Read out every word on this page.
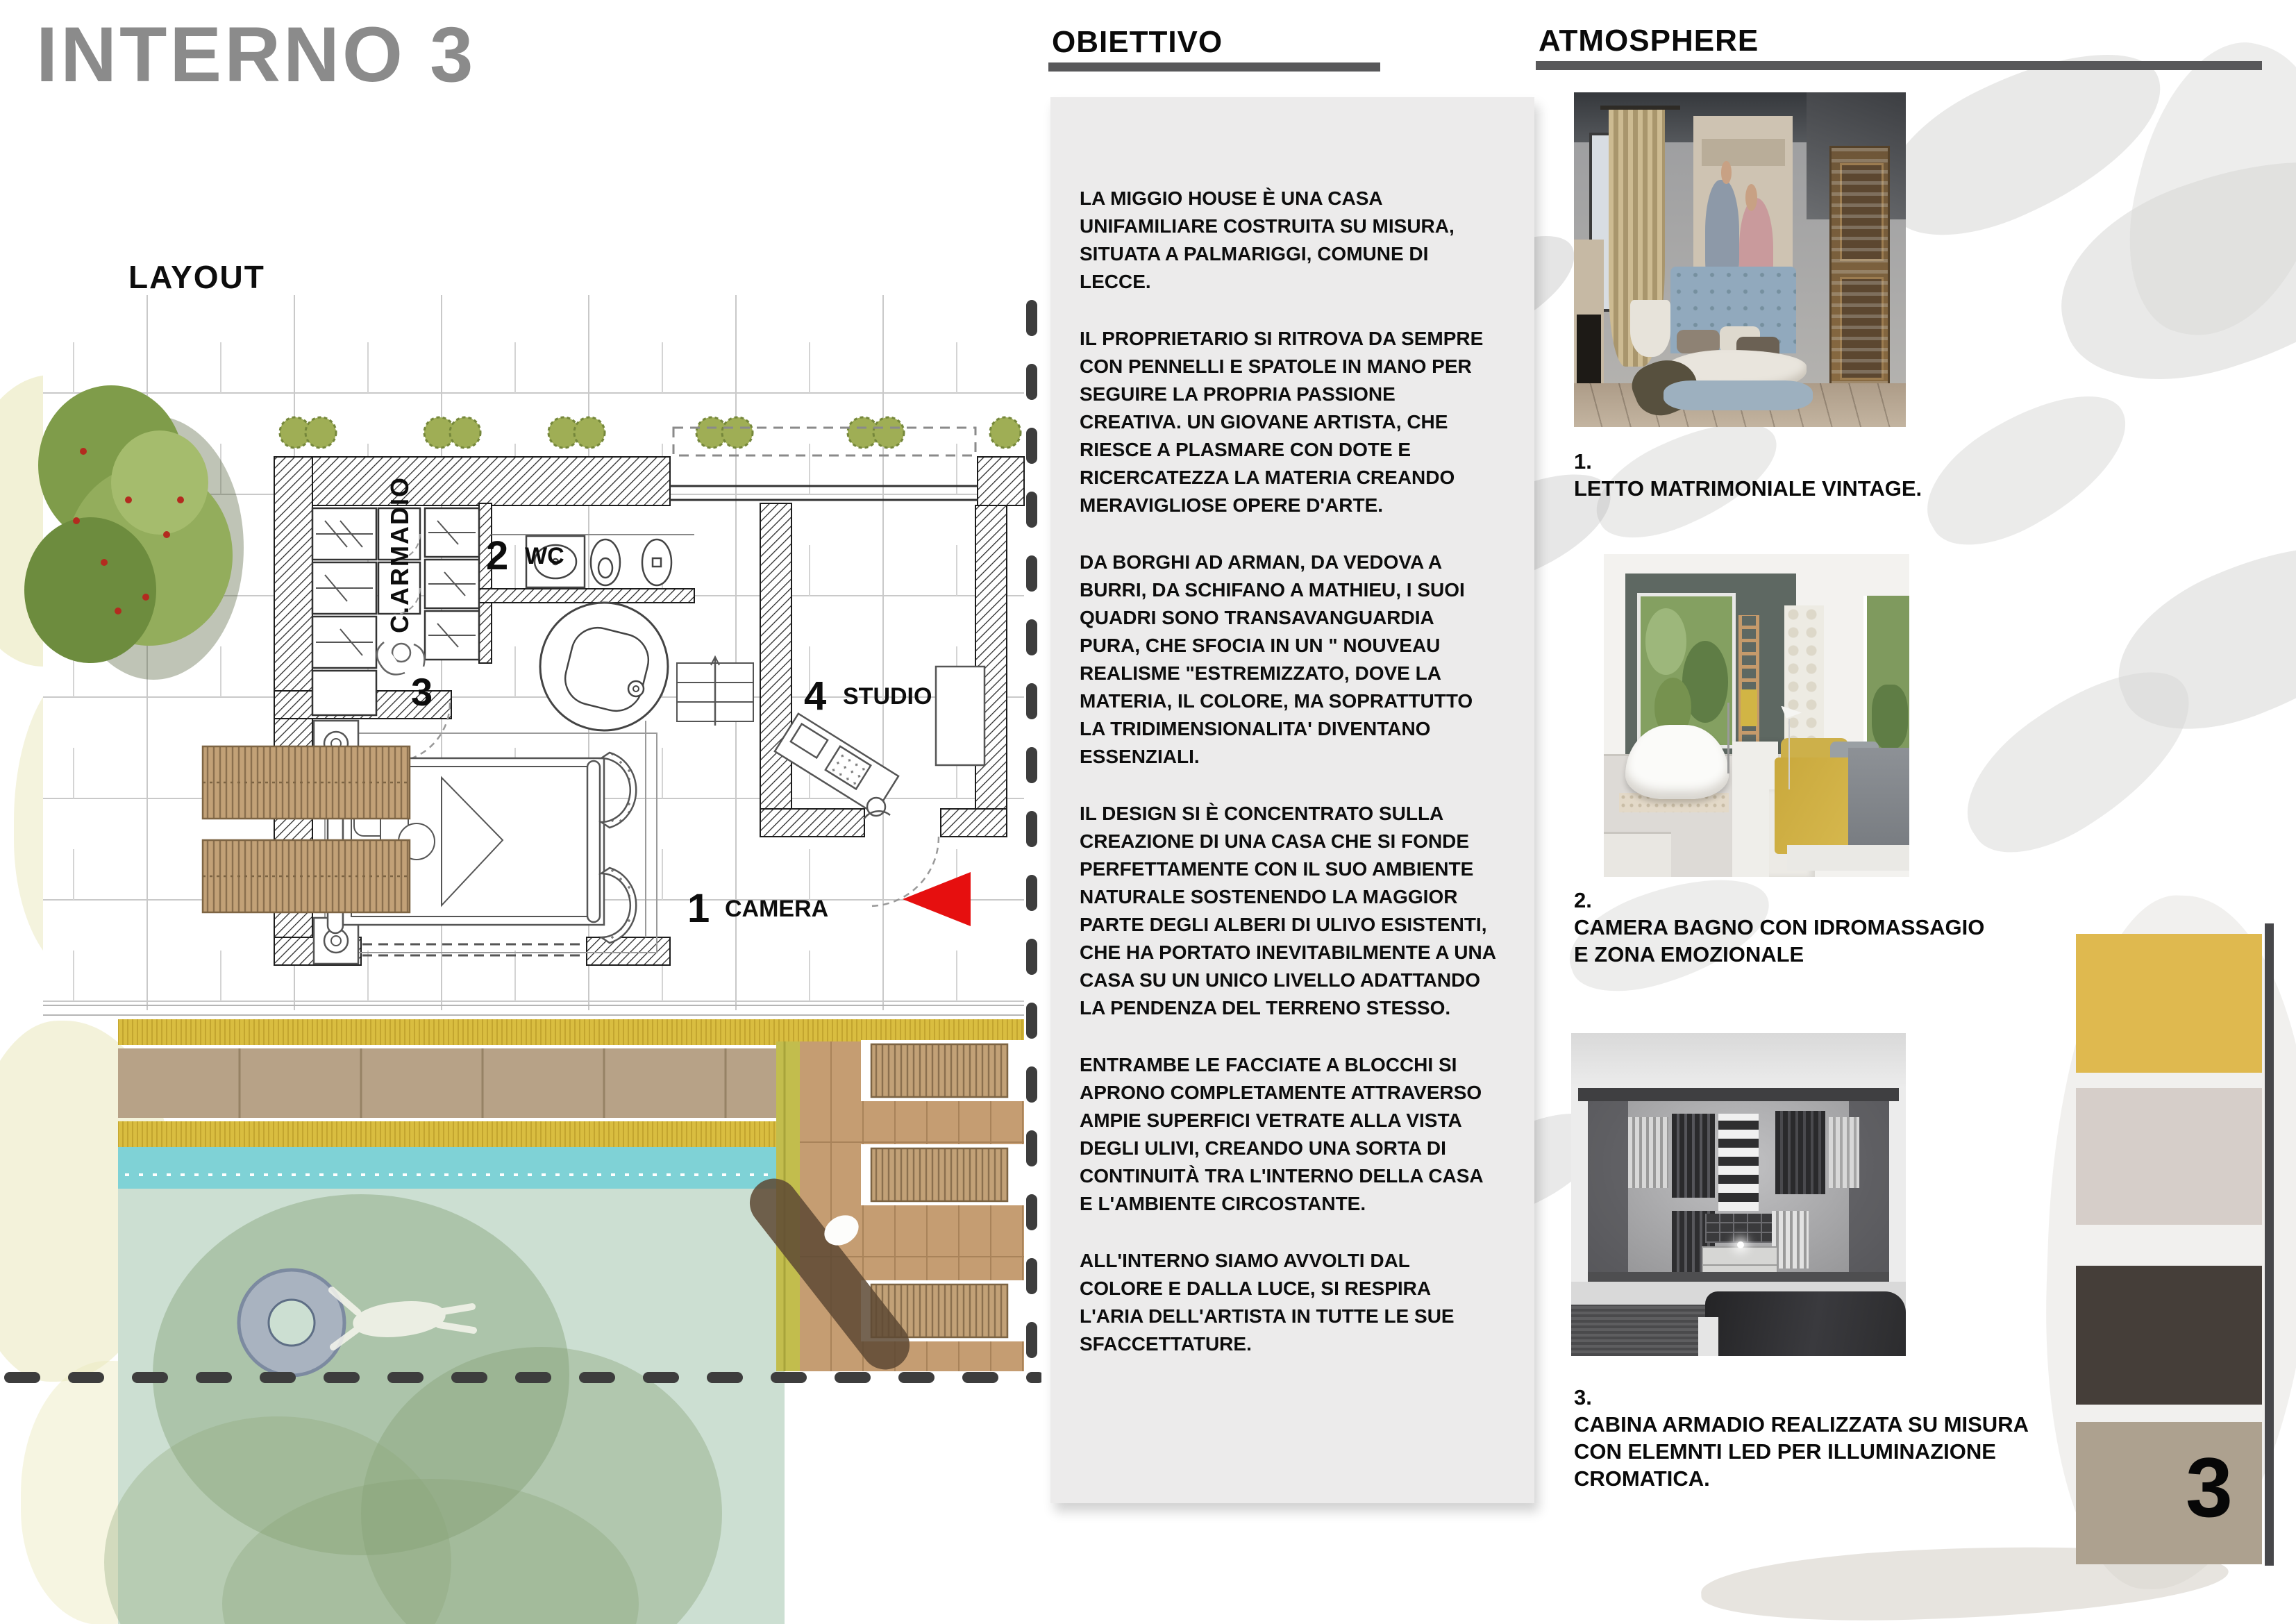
INTERNO 3
LAYOUT
OBIETTIVO	ATMOSPHERE
2 WC
C.ARMADIO
3	4 STUDIO
1 CAMERA

LA MIGGIO HOUSE È UNA CASA UNIFAMILIARE COSTRUITA SU MISURA, SITUATA A PALMARIGGI, COMUNE DI LECCE.

IL PROPRIETARIO SI RITROVA DA SEMPRE CON PENNELLI E SPATOLE IN MANO PER SEGUIRE LA PROPRIA PASSIONE CREATIVA. UN GIOVANE ARTISTA, CHE RIESCE A PLASMARE CON DOTE E RICERCATEZZA LA MATERIA CREANDO MERAVIGLIOSE OPERE D'ARTE.

DA BORGHI AD ARMAN, DA VEDOVA A BURRI, DA SCHIFANO A MATHIEU, I SUOI QUADRI SONO TRANSAVANGUARDIA PURA, CHE SFOCIA IN UN " NOUVEAU REALISME "ESTREMIZZATO, DOVE LA MATERIA, IL COLORE, MA SOPRATTUTTO LA TRIDIMENSIONALITA' DIVENTANO ESSENZIALI.

IL DESIGN SI È CONCENTRATO SULLA CREAZIONE DI UNA CASA CHE SI FONDE PERFETTAMENTE CON IL SUO AMBIENTE NATURALE SOSTENENDO LA MAGGIOR PARTE DEGLI ALBERI DI ULIVO ESISTENTI, CHE HA PORTATO INEVITABILMENTE A UNA CASA SU UN UNICO LIVELLO ADATTANDO LA PENDENZA DEL TERRENO STESSO.

ENTRAMBE LE FACCIATE A BLOCCHI SI APRONO COMPLETAMENTE ATTRAVERSO AMPIE SUPERFICI VETRATE ALLA VISTA DEGLI ULIVI, CREANDO UNA SORTA DI CONTINUITÀ TRA L'INTERNO DELLA CASA E L'AMBIENTE CIRCOSTANTE.

ALL'INTERNO SIAMO AVVOLTI DAL COLORE E DALLA LUCE, SI RESPIRA L'ARIA DELL'ARTISTA IN TUTTE LE SUE SFACCETTATURE.

1.
LETTO MATRIMONIALE VINTAGE.
2.
CAMERA BAGNO CON IDROMASSAGIO
E ZONA EMOZIONALE
3.
CABINA ARMADIO REALIZZATA SU MISURA
CON ELEMNTI LED PER ILLUMINAZIONE
CROMATICA.	3
